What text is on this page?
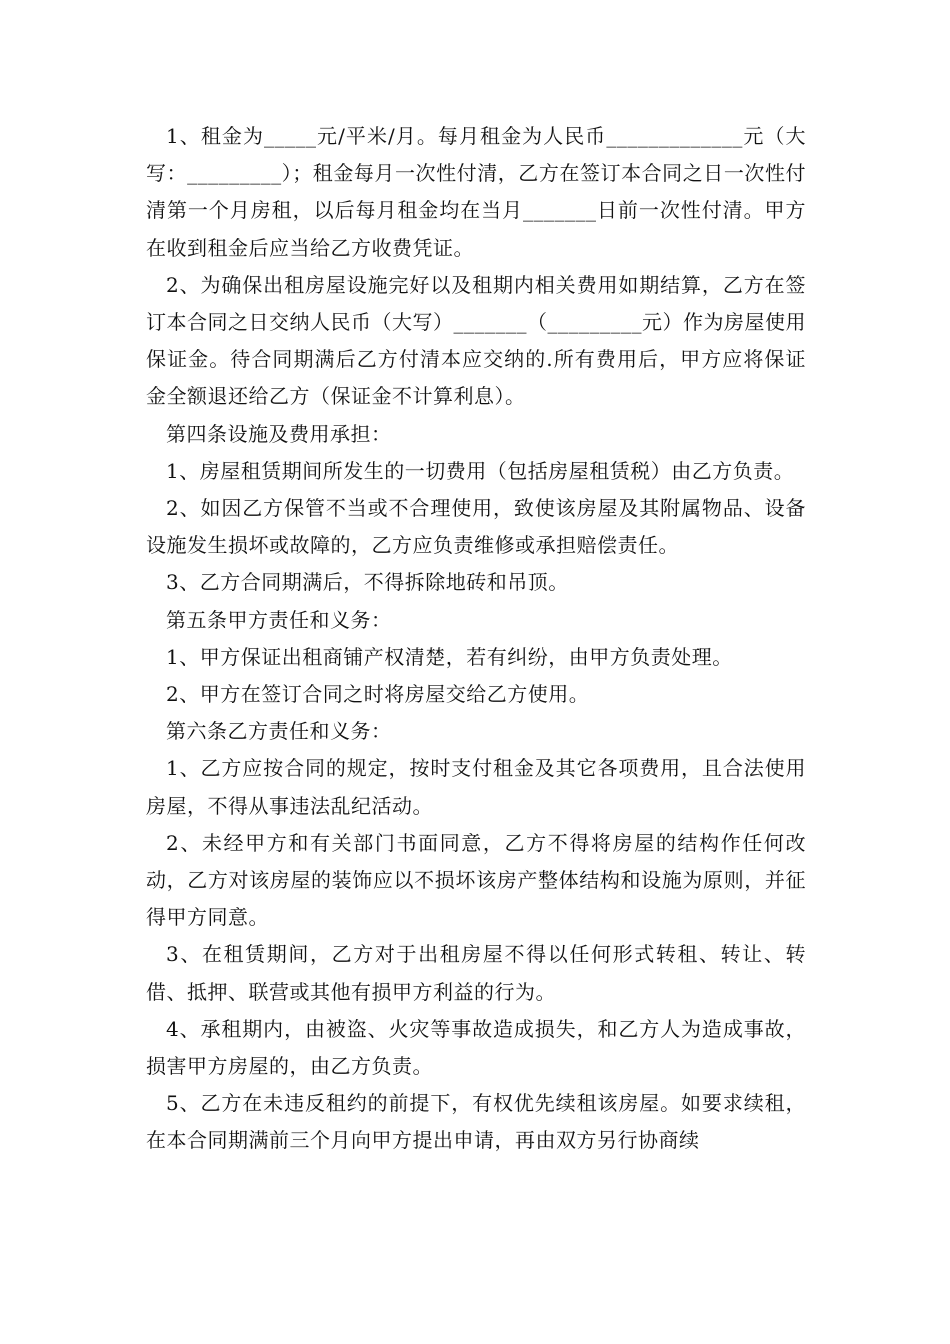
1、租金为_____元/平米/月。每月租金为人民币_____________元（大写：_________）；租金每月一次性付清，乙方在签订本合同之日一次性付清第一个月房租，以后每月租金均在当月_______日前一次性付清。甲方在收到租金后应当给乙方收费凭证。

2、为确保出租房屋设施完好以及租期内相关费用如期结算，乙方在签订本合同之日交纳人民币（大写）_______（_________元）作为房屋使用保证金。待合同期满后乙方付清本应交纳的.所有费用后，甲方应将保证金全额退还给乙方（保证金不计算利息）。

第四条设施及费用承担：

1、房屋租赁期间所发生的一切费用（包括房屋租赁税）由乙方负责。

2、如因乙方保管不当或不合理使用，致使该房屋及其附属物品、设备设施发生损坏或故障的，乙方应负责维修或承担赔偿责任。

3、乙方合同期满后，不得拆除地砖和吊顶。

第五条甲方责任和义务：

1、甲方保证出租商铺产权清楚，若有纠纷，由甲方负责处理。

2、甲方在签订合同之时将房屋交给乙方使用。

第六条乙方责任和义务：

1、乙方应按合同的规定，按时支付租金及其它各项费用，且合法使用房屋，不得从事违法乱纪活动。

2、未经甲方和有关部门书面同意，乙方不得将房屋的结构作任何改动，乙方对该房屋的装饰应以不损坏该房产整体结构和设施为原则，并征得甲方同意。

3、在租赁期间，乙方对于出租房屋不得以任何形式转租、转让、转借、抵押、联营或其他有损甲方利益的行为。

4、承租期内，由被盗、火灾等事故造成损失，和乙方人为造成事故，损害甲方房屋的，由乙方负责。

5、乙方在未违反租约的前提下，有权优先续租该房屋。如要求续租，在本合同期满前三个月向甲方提出申请，再由双方另行协商续
